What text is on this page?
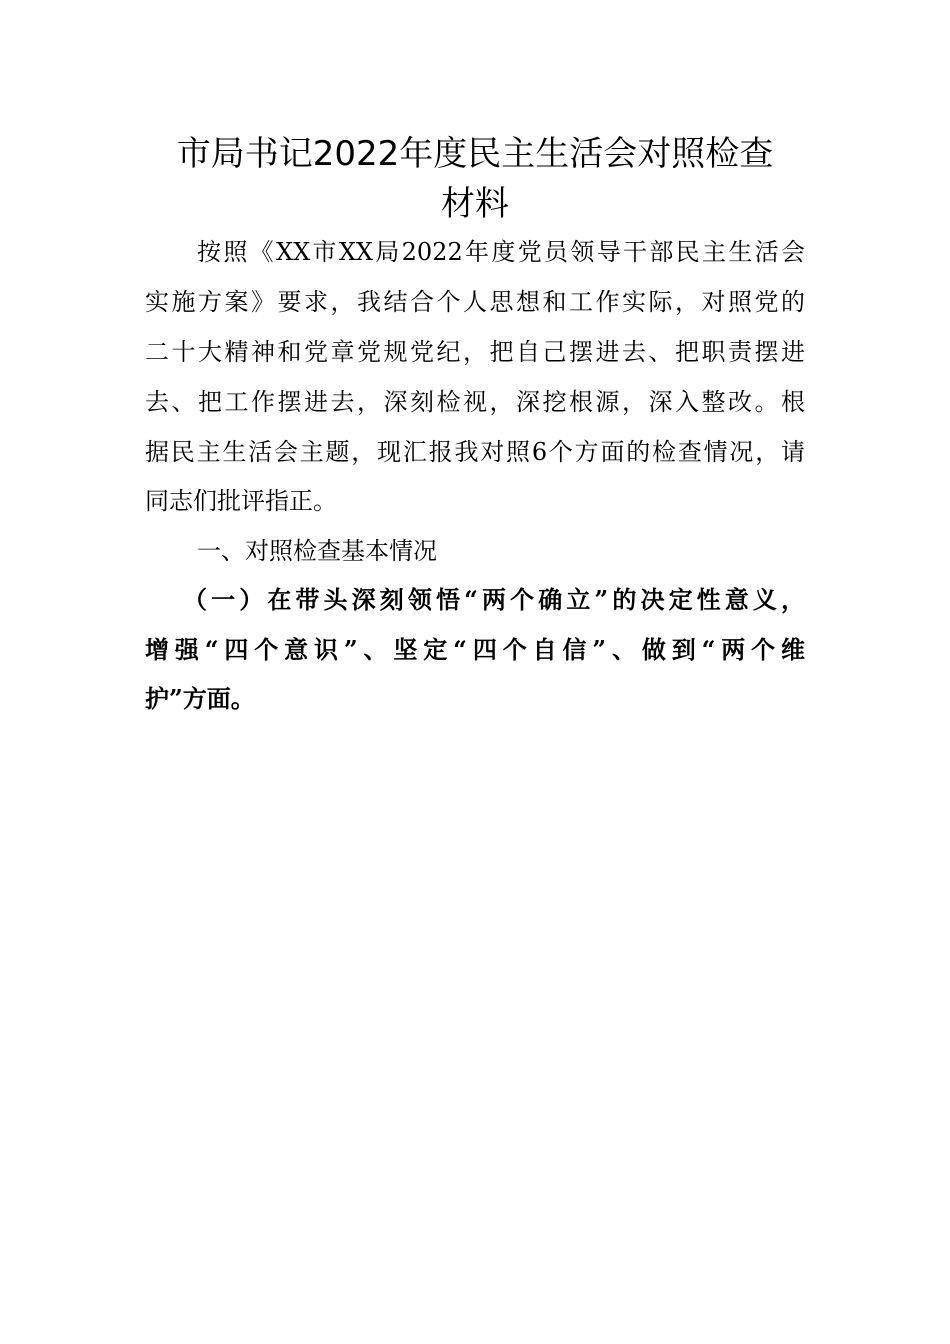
市局书记2022年度民主生活会对照检查
材料
按照《XX市XX局2022年度党员领导干部民主生活会
实施方案》要求，我结合个人思想和工作实际，对照党的
二十大精神和党章党规党纪，把自己摆进去、把职责摆进
去、把工作摆进去，深刻检视，深挖根源，深入整改。根
据民主生活会主题，现汇报我对照6个方面的检查情况，请
同志们批评指正。
一、对照检查基本情况
（一）在带头深刻领悟“两个确立”的决定性意义，
增强“四个意识”、坚定“四个自信”、做到“两个维
护”方面。
